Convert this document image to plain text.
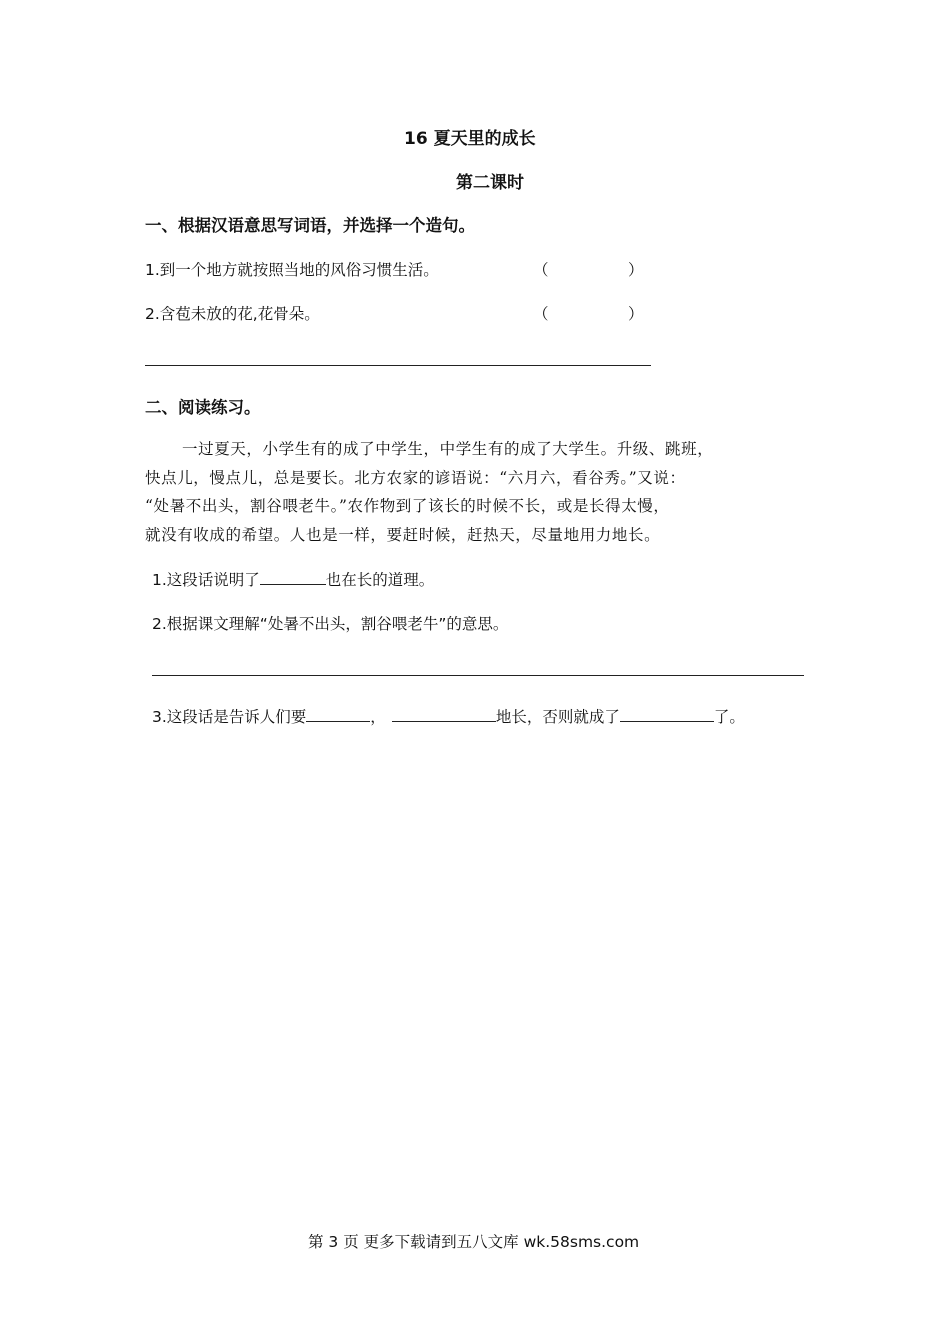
16 夏天里的成长
第二课时
一、根据汉语意思写词语，并选择一个造句。
1.到一个地方就按照当地的风俗习惯生活。	（	）
2.含苞未放的花,花骨朵。	（	）
二、阅读练习。
一过夏天，小学生有的成了中学生，中学生有的成了大学生。升级、跳班，
快点儿，慢点儿，总是要长。北方农家的谚语说：“六月六，看谷秀。”又说：
“处暑不出头，割谷喂老牛。”农作物到了该长的时候不长，或是长得太慢，
就没有收成的希望。人也是一样，要赶时候，赶热天，尽量地用力地长。
1.这段话说明了	也在长的道理。
2.根据课文理解“处暑不出头，割谷喂老牛”的意思。
3.这段话是告诉人们要	，	地长，否则就成了	了。
第 3 页 更多下载请到五八文库 wk.58sms.com
